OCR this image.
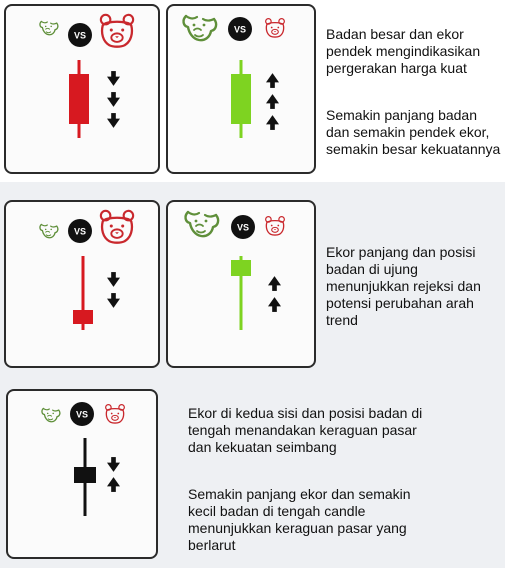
VS
VS	Badan besar dan ekor pendek mengindikasikan pergerakan harga kuat

Semakin panjang badan dan semakin pendek ekor, semakin besar kekuatannya

VS	VS

Ekor panjang dan posisi badan di ujung menunjukkan rejeksi dan potensi perubahan arah trend

VS	Ekor di kedua sisi dan posisi badan di tengah menandakan keraguan pasar dan kekuatan seimbang

Semakin panjang ekor dan semakin kecil badan di tengah candle menunjukkan keraguan pasar yang berlarut
